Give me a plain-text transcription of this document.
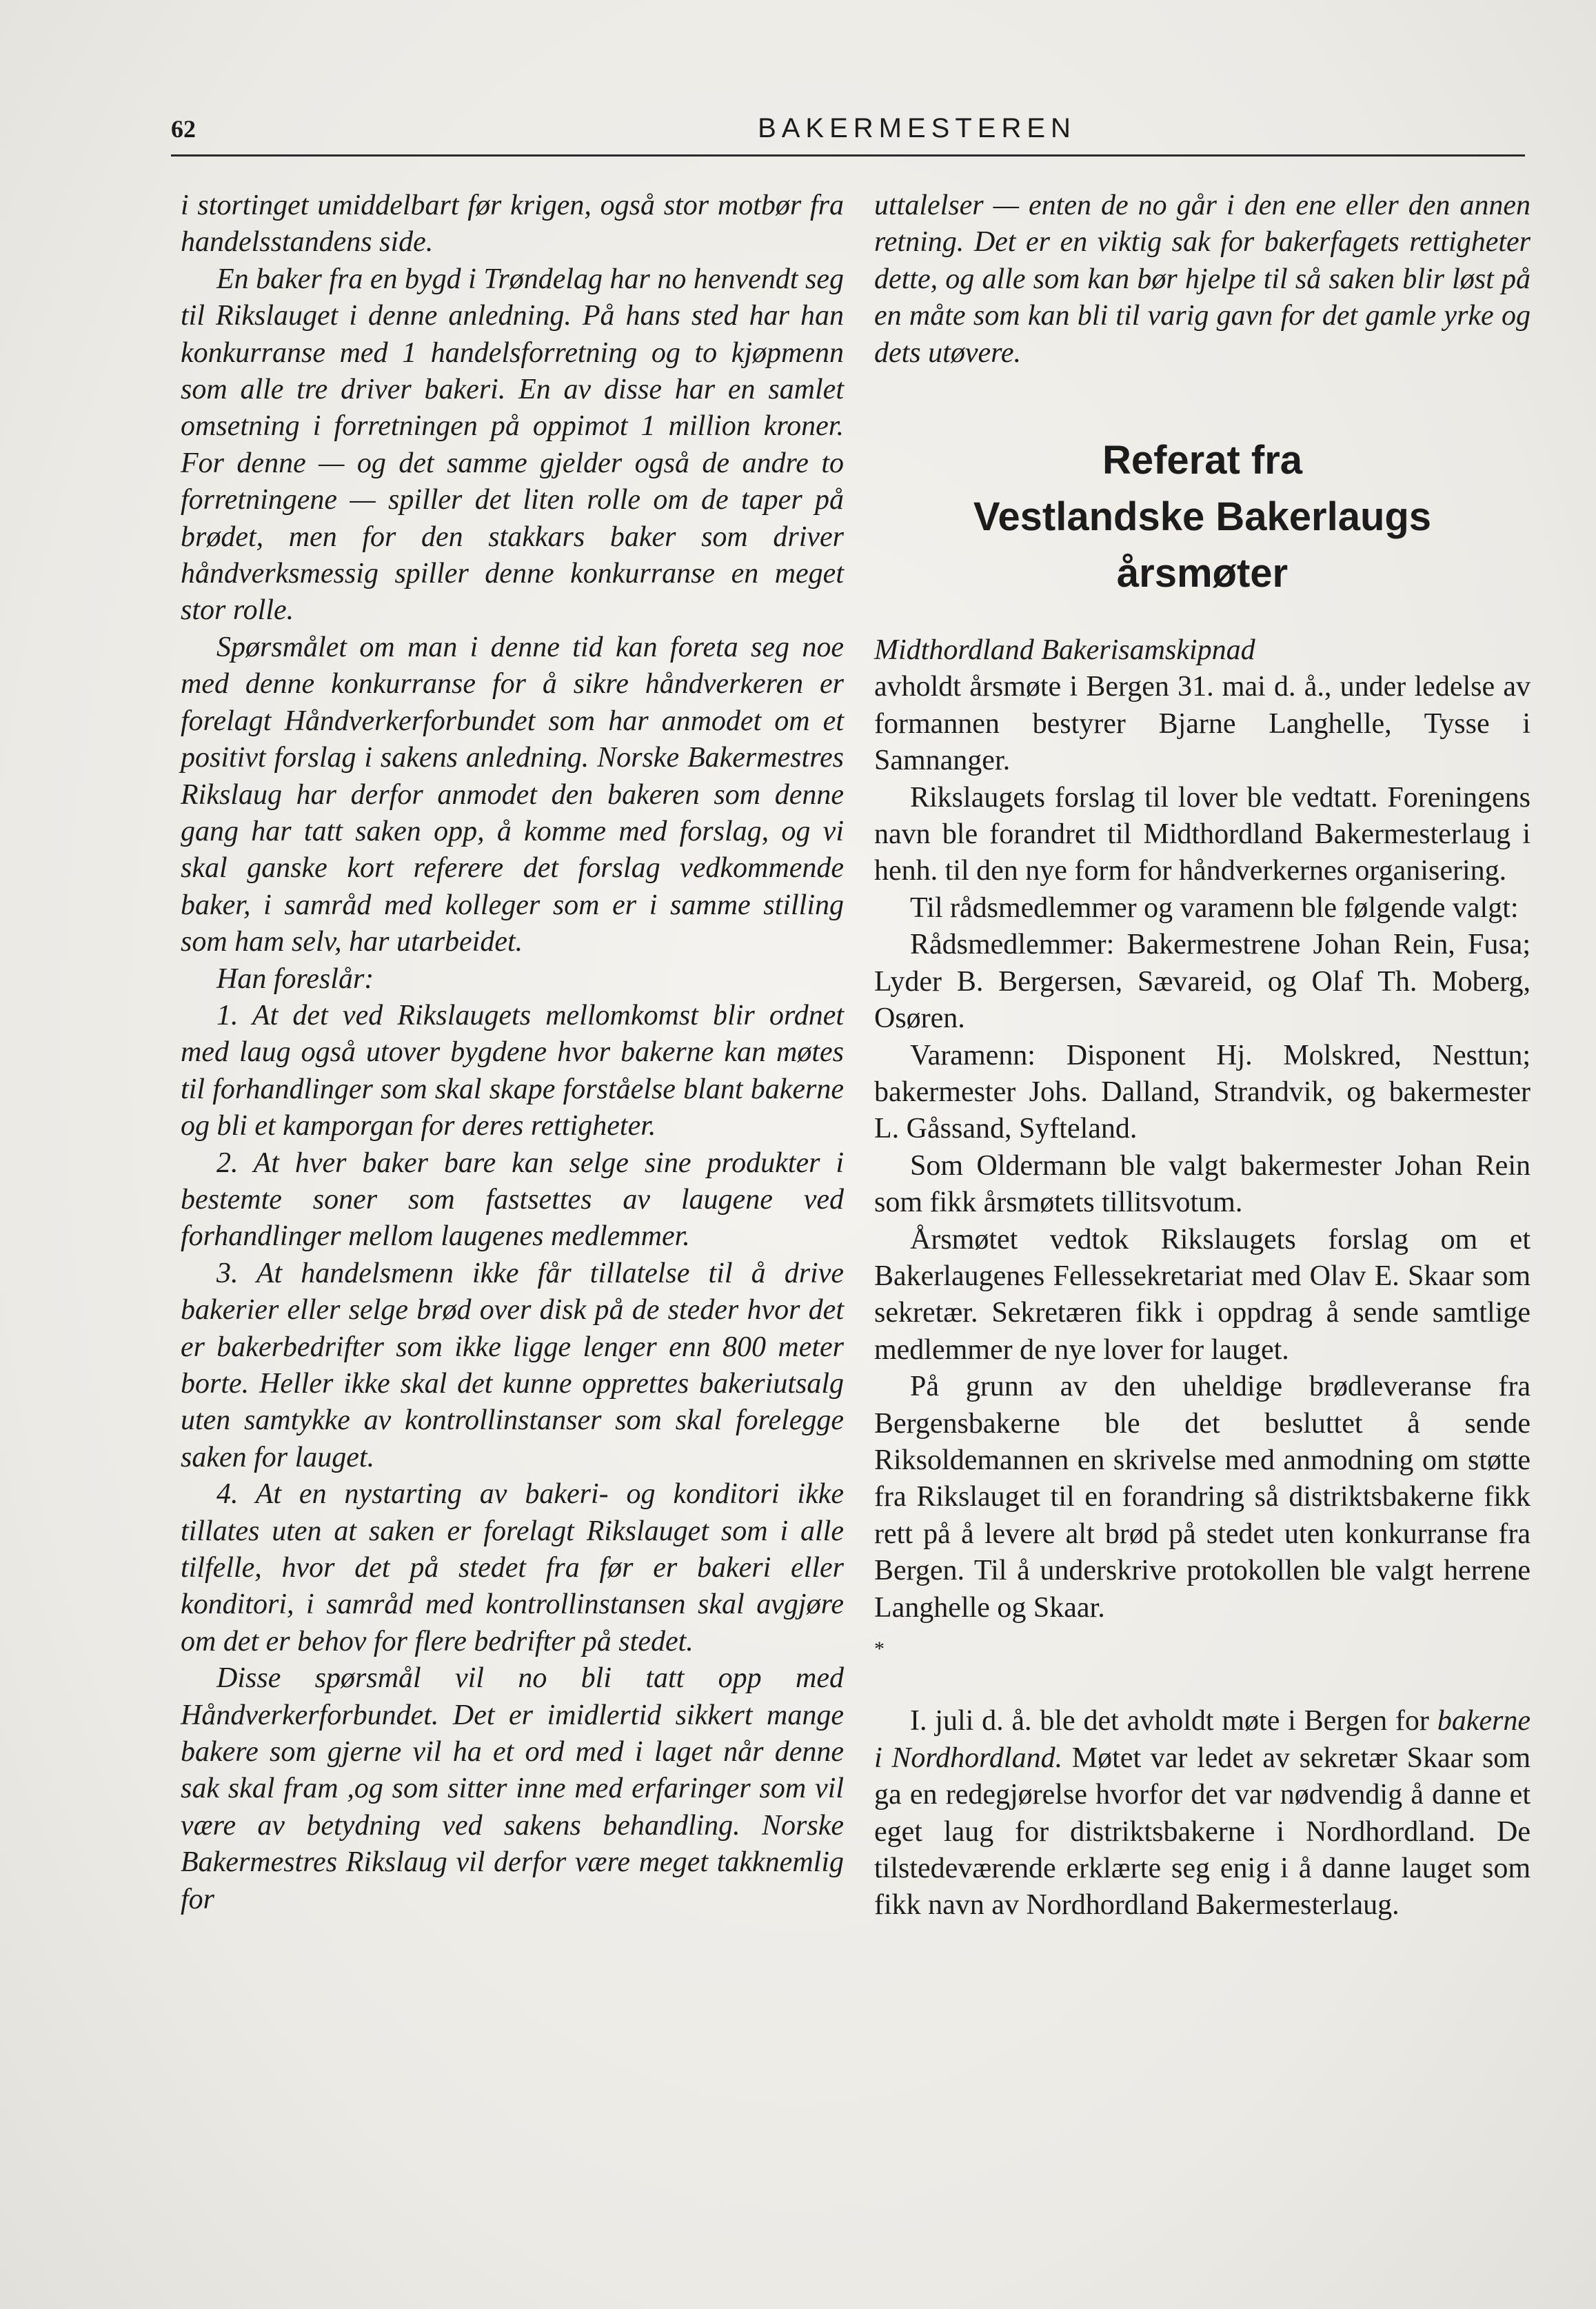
62	BAKERMESTEREN

i stortinget umiddelbart før krigen, også stor motbør fra handelsstandens side.

En baker fra en bygd i Trøndelag har no henvendt seg til Rikslauget i denne anledning. På hans sted har han konkurranse med 1 handelsforretning og to kjøpmenn som alle tre driver bakeri. En av disse har en samlet omsetning i forretningen på oppimot 1 million kroner. For denne — og det samme gjelder også de andre to forretningene — spiller det liten rolle om de taper på brødet, men for den stakkars baker som driver håndverksmessig spiller denne konkurranse en meget stor rolle.

Spørsmålet om man i denne tid kan foreta seg noe med denne konkurranse for å sikre håndverkeren er forelagt Håndverkerforbundet som har anmodet om et positivt forslag i sakens anledning. Norske Bakermestres Rikslaug har derfor anmodet den bakeren som denne gang har tatt saken opp, å komme med forslag, og vi skal ganske kort referere det forslag vedkommende baker, i samråd med kolleger som er i samme stilling som ham selv, har utarbeidet.

Han foreslår:

1. At det ved Rikslaugets mellomkomst blir ordnet med laug også utover bygdene hvor bakerne kan møtes til forhandlinger som skal skape forståelse blant bakerne og bli et kamporgan for deres rettigheter.

2. At hver baker bare kan selge sine produkter i bestemte soner som fastsettes av laugene ved forhandlinger mellom laugenes medlemmer.

3. At handelsmenn ikke får tillatelse til å drive bakerier eller selge brød over disk på de steder hvor det er bakerbedrifter som ikke ligge lenger enn 800 meter borte. Heller ikke skal det kunne opprettes bakeriutsalg uten samtykke av kontrollinstanser som skal forelegge saken for lauget.

4. At en nystarting av bakeri- og konditori ikke tillates uten at saken er forelagt Rikslauget som i alle tilfelle, hvor det på stedet fra før er bakeri eller konditori, i samråd med kontrollinstansen skal avgjøre om det er behov for flere bedrifter på stedet.

Disse spørsmål vil no bli tatt opp med Håndverkerforbundet. Det er imidlertid sikkert mange bakere som gjerne vil ha et ord med i laget når denne sak skal fram ,og som sitter inne med erfaringer som vil være av betydning ved sakens behandling. Norske Bakermestres Rikslaug vil derfor være meget takknemlig for

uttalelser — enten de no går i den ene eller den annen retning. Det er en viktig sak for bakerfagets rettigheter dette, og alle som kan bør hjelpe til så saken blir løst på en måte som kan bli til varig gavn for det gamle yrke og dets utøvere.

Referat fra
Vestlandske Bakerlaugs
årsmøter

Midthordland Bakerisamskipnad

avholdt årsmøte i Bergen 31. mai d. å., under ledelse av formannen bestyrer Bjarne Langhelle, Tysse i Samnanger.

Rikslaugets forslag til lover ble vedtatt. Foreningens navn ble forandret til Midthordland Bakermesterlaug i henh. til den nye form for håndverkernes organisering.

Til rådsmedlemmer og varamenn ble følgende valgt:

Rådsmedlemmer: Bakermestrene Johan Rein, Fusa; Lyder B. Bergersen, Sævareid, og Olaf Th. Moberg, Osøren.

Varamenn: Disponent Hj. Molskred, Nesttun; bakermester Johs. Dalland, Strandvik, og bakermester L. Gåssand, Syfteland.

Som Oldermann ble valgt bakermester Johan Rein som fikk årsmøtets tillitsvotum.

Årsmøtet vedtok Rikslaugets forslag om et Bakerlaugenes Fellessekretariat med Olav E. Skaar som sekretær. Sekretæren fikk i oppdrag å sende samtlige medlemmer de nye lover for lauget.

På grunn av den uheldige brødleveranse fra Bergensbakerne ble det besluttet å sende Riksoldemannen en skrivelse med anmodning om støtte fra Rikslauget til en forandring så distriktsbakerne fikk rett på å levere alt brød på stedet uten konkurranse fra Bergen. Til å underskrive protokollen ble valgt herrene Langhelle og Skaar.

*

I. juli d. å. ble det avholdt møte i Bergen for bakerne i Nordhordland. Møtet var ledet av sekretær Skaar som ga en redegjørelse hvorfor det var nødvendig å danne et eget laug for distriktsbakerne i Nordhordland. De tilstedeværende erklærte seg enig i å danne lauget som fikk navn av Nordhordland Bakermesterlaug.
